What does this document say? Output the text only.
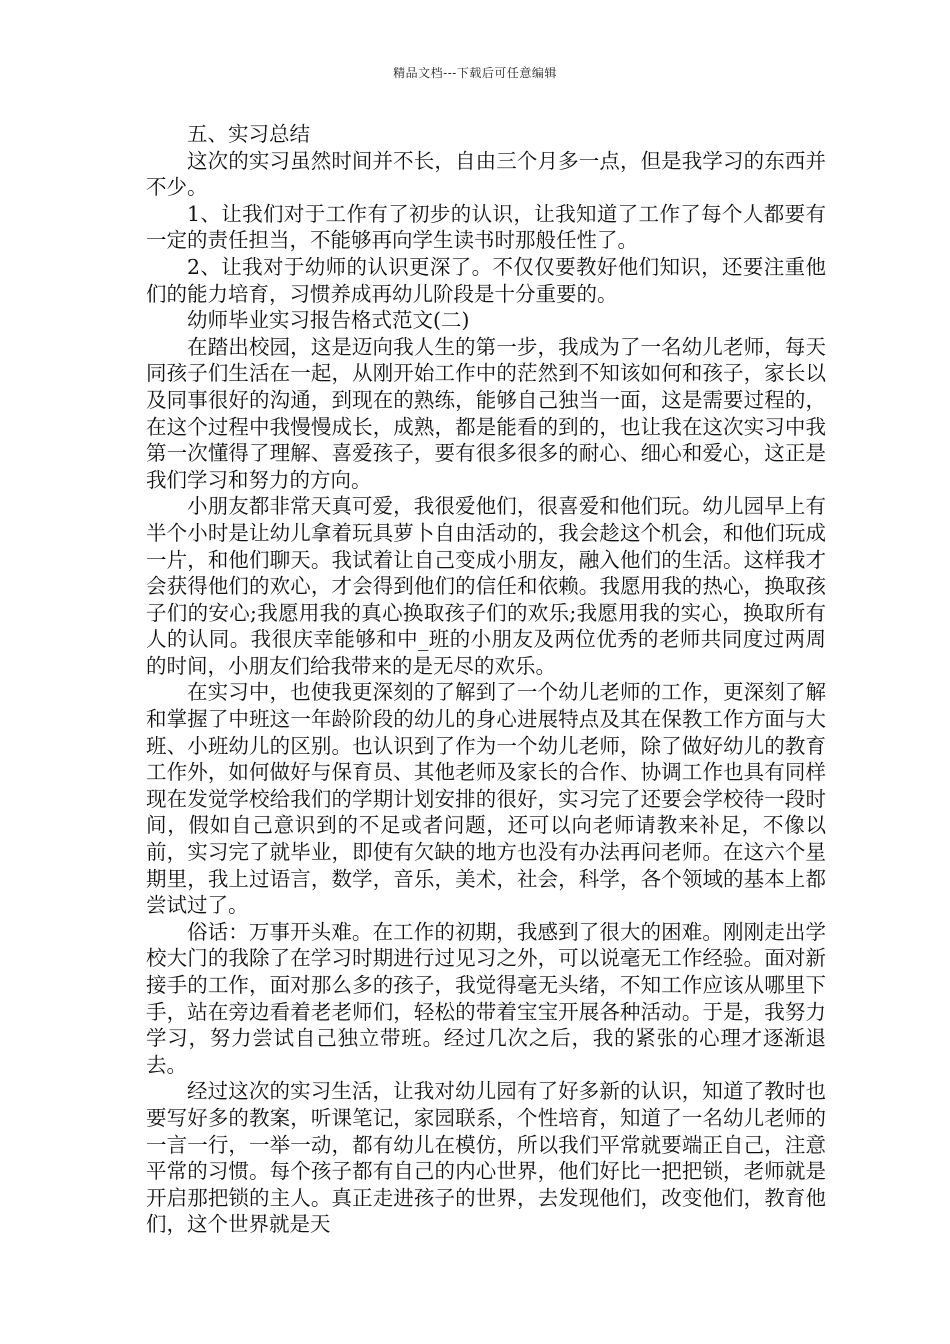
精品文档---下载后可任意编辑

五、实习总结

这次的实习虽然时间并不长，自由三个月多一点，但是我学习的东西并不少。

1、让我们对于工作有了初步的认识，让我知道了工作了每个人都要有一定的责任担当，不能够再向学生读书时那般任性了。

2、让我对于幼师的认识更深了。不仅仅要教好他们知识，还要注重他们的能力培育，习惯养成再幼儿阶段是十分重要的。

幼师毕业实习报告格式范文(二)

在踏出校园，这是迈向我人生的第一步，我成为了一名幼儿老师，每天同孩子们生活在一起，从刚开始工作中的茫然到不知该如何和孩子，家长以及同事很好的沟通，到现在的熟练，能够自己独当一面，这是需要过程的，在这个过程中我慢慢成长，成熟，都是能看的到的，也让我在这次实习中我第一次懂得了理解、喜爱孩子，要有很多很多的耐心、细心和爱心，这正是我们学习和努力的方向。

小朋友都非常天真可爱，我很爱他们，很喜爱和他们玩。幼儿园早上有半个小时是让幼儿拿着玩具萝卜自由活动的，我会趁这个机会，和他们玩成一片，和他们聊天。我试着让自己变成小朋友，融入他们的生活。这样我才会获得他们的欢心，才会得到他们的信任和依赖。我愿用我的热心，换取孩子们的安心;我愿用我的真心换取孩子们的欢乐;我愿用我的实心，换取所有人的认同。我很庆幸能够和中_班的小朋友及两位优秀的老师共同度过两周的时间，小朋友们给我带来的是无尽的欢乐。

在实习中，也使我更深刻的了解到了一个幼儿老师的工作，更深刻了解和掌握了中班这一年龄阶段的幼儿的身心进展特点及其在保教工作方面与大班、小班幼儿的区别。也认识到了作为一个幼儿老师，除了做好幼儿的教育工作外，如何做好与保育员、其他老师及家长的合作、协调工作也具有同样现在发觉学校给我们的学期计划安排的很好，实习完了还要会学校待一段时间，假如自己意识到的不足或者问题，还可以向老师请教来补足，不像以前，实习完了就毕业，即使有欠缺的地方也没有办法再问老师。在这六个星期里，我上过语言，数学，音乐，美术，社会，科学，各个领域的基本上都尝试过了。

俗话：万事开头难。在工作的初期，我感到了很大的困难。刚刚走出学校大门的我除了在学习时期进行过见习之外，可以说毫无工作经验。面对新接手的工作，面对那么多的孩子，我觉得毫无头绪，不知工作应该从哪里下手，站在旁边看着老老师们，轻松的带着宝宝开展各种活动。于是，我努力学习，努力尝试自己独立带班。经过几次之后，我的紧张的心理才逐渐退去。

经过这次的实习生活，让我对幼儿园有了好多新的认识，知道了教时也要写好多的教案，听课笔记，家园联系，个性培育，知道了一名幼儿老师的一言一行，一举一动，都有幼儿在模仿，所以我们平常就要端正自己，注意平常的习惯。每个孩子都有自己的内心世界，他们好比一把把锁，老师就是开启那把锁的主人。真正走进孩子的世界，去发现他们，改变他们，教育他们，这个世界就是天
